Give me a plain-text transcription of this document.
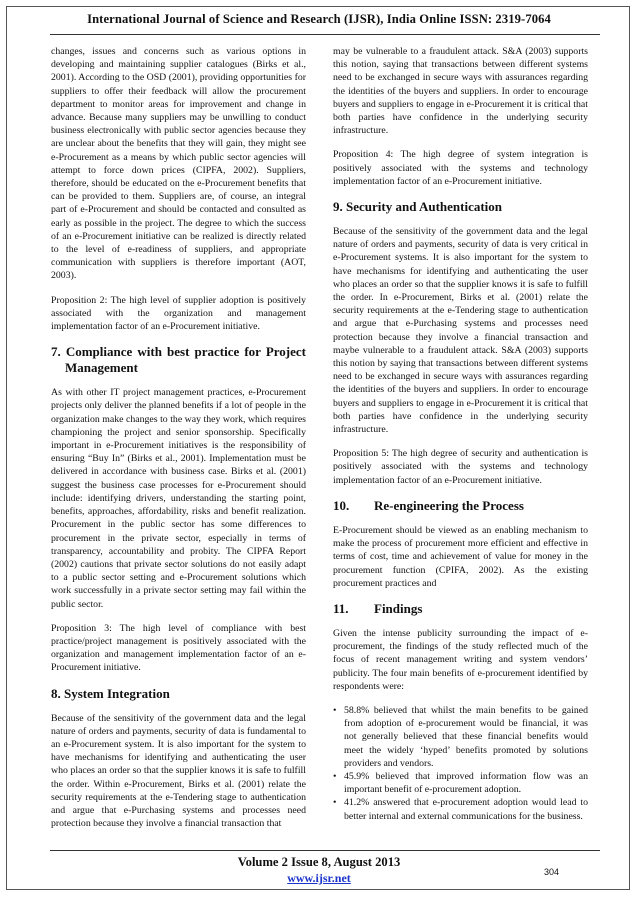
International Journal of Science and Research (IJSR), India Online ISSN: 2319-7064

changes, issues and concerns such as various options in developing and maintaining supplier catalogues (Birks et al., 2001). According to the OSD (2001), providing opportunities for suppliers to offer their feedback will allow the procurement department to monitor areas for improvement and change in advance. Because many suppliers may be unwilling to conduct business electronically with public sector agencies because they are unclear about the benefits that they will gain, they might see e-Procurement as a means by which public sector agencies will attempt to force down prices (CIPFA, 2002). Suppliers, therefore, should be educated on the e-Procurement benefits that can be provided to them. Suppliers are, of course, an integral part of e-Procurement and should be contacted and consulted as early as possible in the project. The degree to which the success of an e-Procurement initiative can be realized is directly related to the level of e-readiness of suppliers, and appropriate communication with suppliers is therefore important (AOT, 2003).

Proposition 2: The high level of supplier adoption is positively associated with the organization and management implementation factor of an e-Procurement initiative.

7. Compliance with best practice for Project Management

As with other IT project management practices, e-Procurement projects only deliver the planned benefits if a lot of people in the organization make changes to the way they work, which requires championing the project and senior sponsorship. Specifically important in e-Procurement initiatives is the responsibility of ensuring “Buy In” (Birks et al., 2001). Implementation must be delivered in accordance with business case. Birks et al. (2001) suggest the business case processes for e-Procurement should include: identifying drivers, understanding the starting point, benefits, approaches, affordability, risks and benefit realization. Procurement in the public sector has some differences to procurement in the private sector, especially in terms of transparency, accountability and probity. The CIPFA Report (2002) cautions that private sector solutions do not easily adapt to a public sector setting and e-Procurement solutions which work successfully in a private sector setting may fail within the public sector.

Proposition 3: The high level of compliance with best practice/project management is positively associated with the organization and management implementation factor of an e-Procurement initiative.

8. System Integration

Because of the sensitivity of the government data and the legal nature of orders and payments, security of data is fundamental to an e-Procurement system. It is also important for the system to have mechanisms for identifying and authenticating the user who places an order so that the supplier knows it is safe to fulfill the order. Within e-Procurement, Birks et al. (2001) relate the security requirements at the e-Tendering stage to authentication and argue that e-Purchasing systems and processes need protection because they involve a financial transaction that

may be vulnerable to a fraudulent attack. S&A (2003) supports this notion, saying that transactions between different systems need to be exchanged in secure ways with assurances regarding the identities of the buyers and suppliers. In order to encourage buyers and suppliers to engage in e-Procurement it is critical that both parties have confidence in the underlying security infrastructure.

Proposition 4: The high degree of system integration is positively associated with the systems and technology implementation factor of an e-Procurement initiative.

9. Security and Authentication

Because of the sensitivity of the government data and the legal nature of orders and payments, security of data is very critical in e-Procurement systems. It is also important for the system to have mechanisms for identifying and authenticating the user who places an order so that the supplier knows it is safe to fulfill the order. In e-Procurement, Birks et al. (2001) relate the security requirements at the e-Tendering stage to authentication and argue that e-Purchasing systems and processes need protection because they involve a financial transaction and maybe vulnerable to a fraudulent attack. S&A (2003) supports this notion by saying that transactions between different systems need to be exchanged in secure ways with assurances regarding the identities of the buyers and suppliers. In order to encourage buyers and suppliers to engage in e-Procurement it is critical that both parties have confidence in the underlying security infrastructure.

Proposition 5: The high degree of security and authentication is positively associated with the systems and technology implementation factor of an e-Procurement initiative.

10.	Re-engineering the Process

E-Procurement should be viewed as an enabling mechanism to make the process of procurement more efficient and effective in terms of cost, time and achievement of value for money in the procurement function (CPIFA, 2002). As the existing procurement practices and

11.	Findings

Given the intense publicity surrounding the impact of e-procurement, the findings of the study reflected much of the focus of recent management writing and system vendors’ publicity. The four main benefits of e-procurement identified by respondents were:

• 58.8% believed that whilst the main benefits to be gained from adoption of e-procurement would be financial, it was not generally believed that these financial benefits would meet the widely ‘hyped’ benefits promoted by solutions providers and vendors.
• 45.9% believed that improved information flow was an important benefit of e-procurement adoption.
• 41.2% answered that e-procurement adoption would lead to better internal and external communications for the business.
Volume 2 Issue 8, August 2013
www.ijsr.net	304
